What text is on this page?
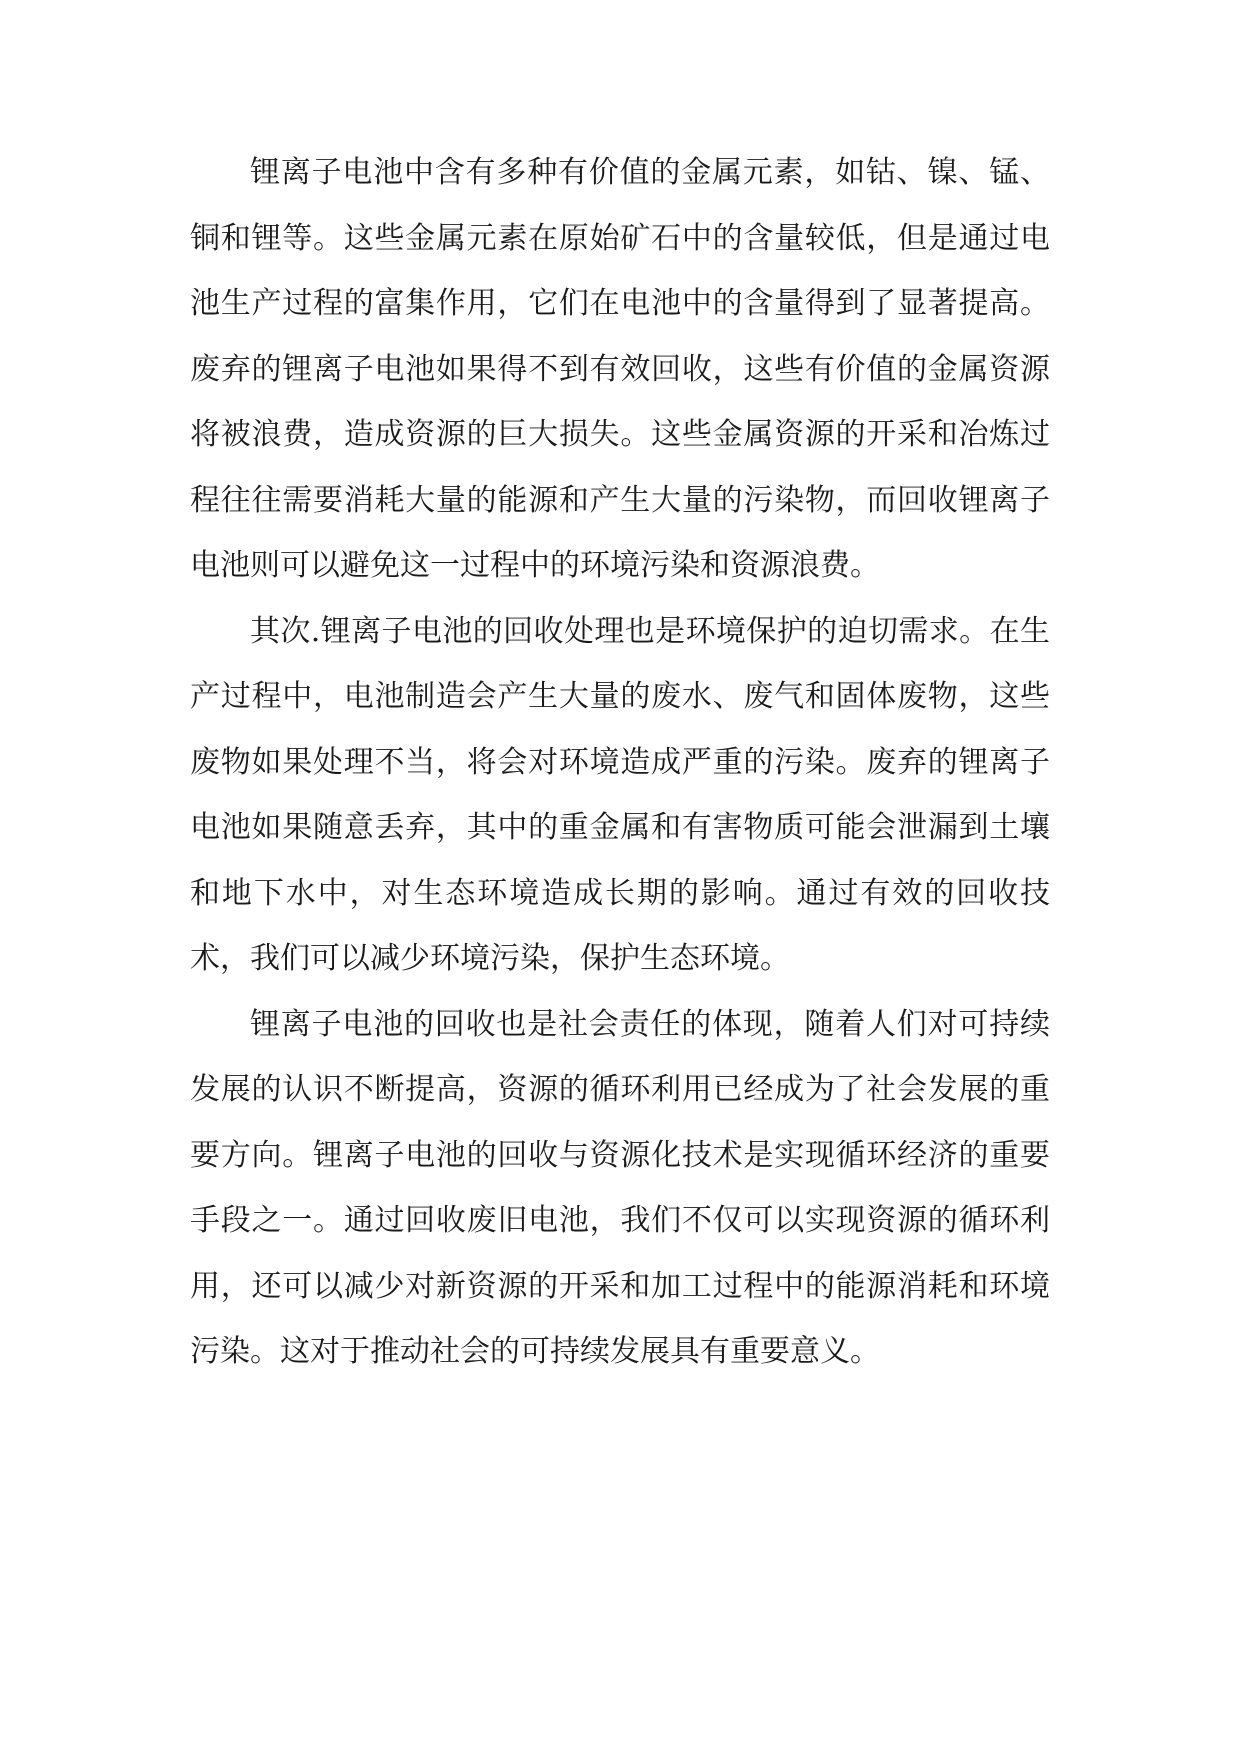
锂离子电池中含有多种有价值的金属元素，如钴、镍、锰、铜和锂等。这些金属元素在原始矿石中的含量较低，但是通过电池生产过程的富集作用，它们在电池中的含量得到了显著提高。废弃的锂离子电池如果得不到有效回收，这些有价值的金属资源将被浪费，造成资源的巨大损失。这些金属资源的开采和冶炼过程往往需要消耗大量的能源和产生大量的污染物，而回收锂离子电池则可以避免这一过程中的环境污染和资源浪费。

其次.锂离子电池的回收处理也是环境保护的迫切需求。在生产过程中，电池制造会产生大量的废水、废气和固体废物，这些废物如果处理不当，将会对环境造成严重的污染。废弃的锂离子电池如果随意丢弃，其中的重金属和有害物质可能会泄漏到土壤和地下水中，对生态环境造成长期的影响。通过有效的回收技术，我们可以减少环境污染，保护生态环境。

锂离子电池的回收也是社会责任的体现，随着人们对可持续发展的认识不断提高，资源的循环利用已经成为了社会发展的重要方向。锂离子电池的回收与资源化技术是实现循环经济的重要手段之一。通过回收废旧电池，我们不仅可以实现资源的循环利用，还可以减少对新资源的开采和加工过程中的能源消耗和环境污染。这对于推动社会的可持续发展具有重要意义。
